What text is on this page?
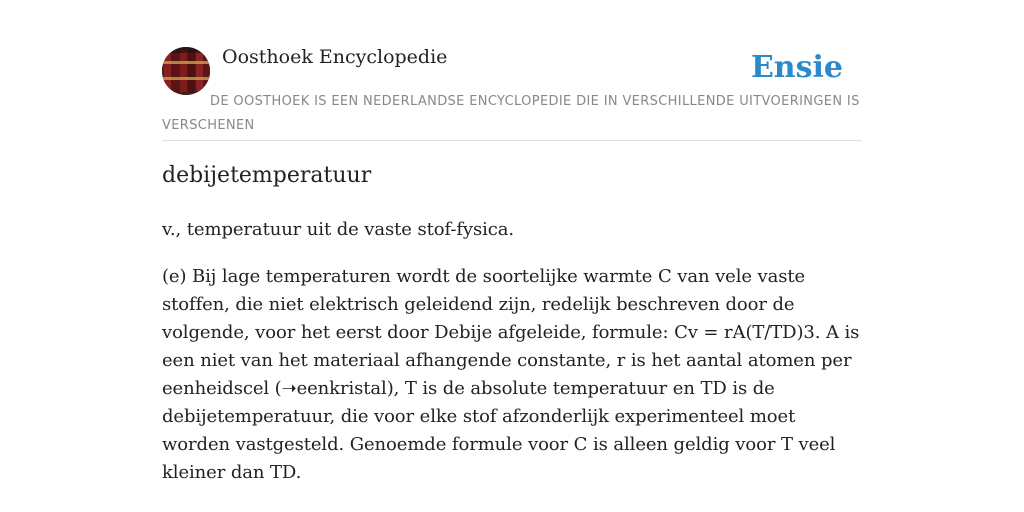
Oosthoek Encyclopedie	Ensie
DE OOSTHOEK IS EEN NEDERLANDSE ENCYCLOPEDIE DIE IN VERSCHILLENDE UITVOERINGEN IS VERSCHENEN
debijetemperatuur

v., temperatuur uit de vaste stof-fysica.

(e) Bij lage temperaturen wordt de soortelijke warmte C van vele vaste stoffen, die niet elektrisch geleidend zijn, redelijk beschreven door de volgende, voor het eerst door Debije afgeleide, formule: Cv = rA(T/TD)3. A is een niet van het materiaal afhangende constante, r is het aantal atomen per eenheidscel (➝eenkristal), T is de absolute temperatuur en TD is de debijetemperatuur, die voor elke stof afzonderlijk experimenteel moet worden vastgesteld. Genoemde formule voor C is alleen geldig voor T veel kleiner dan TD.
